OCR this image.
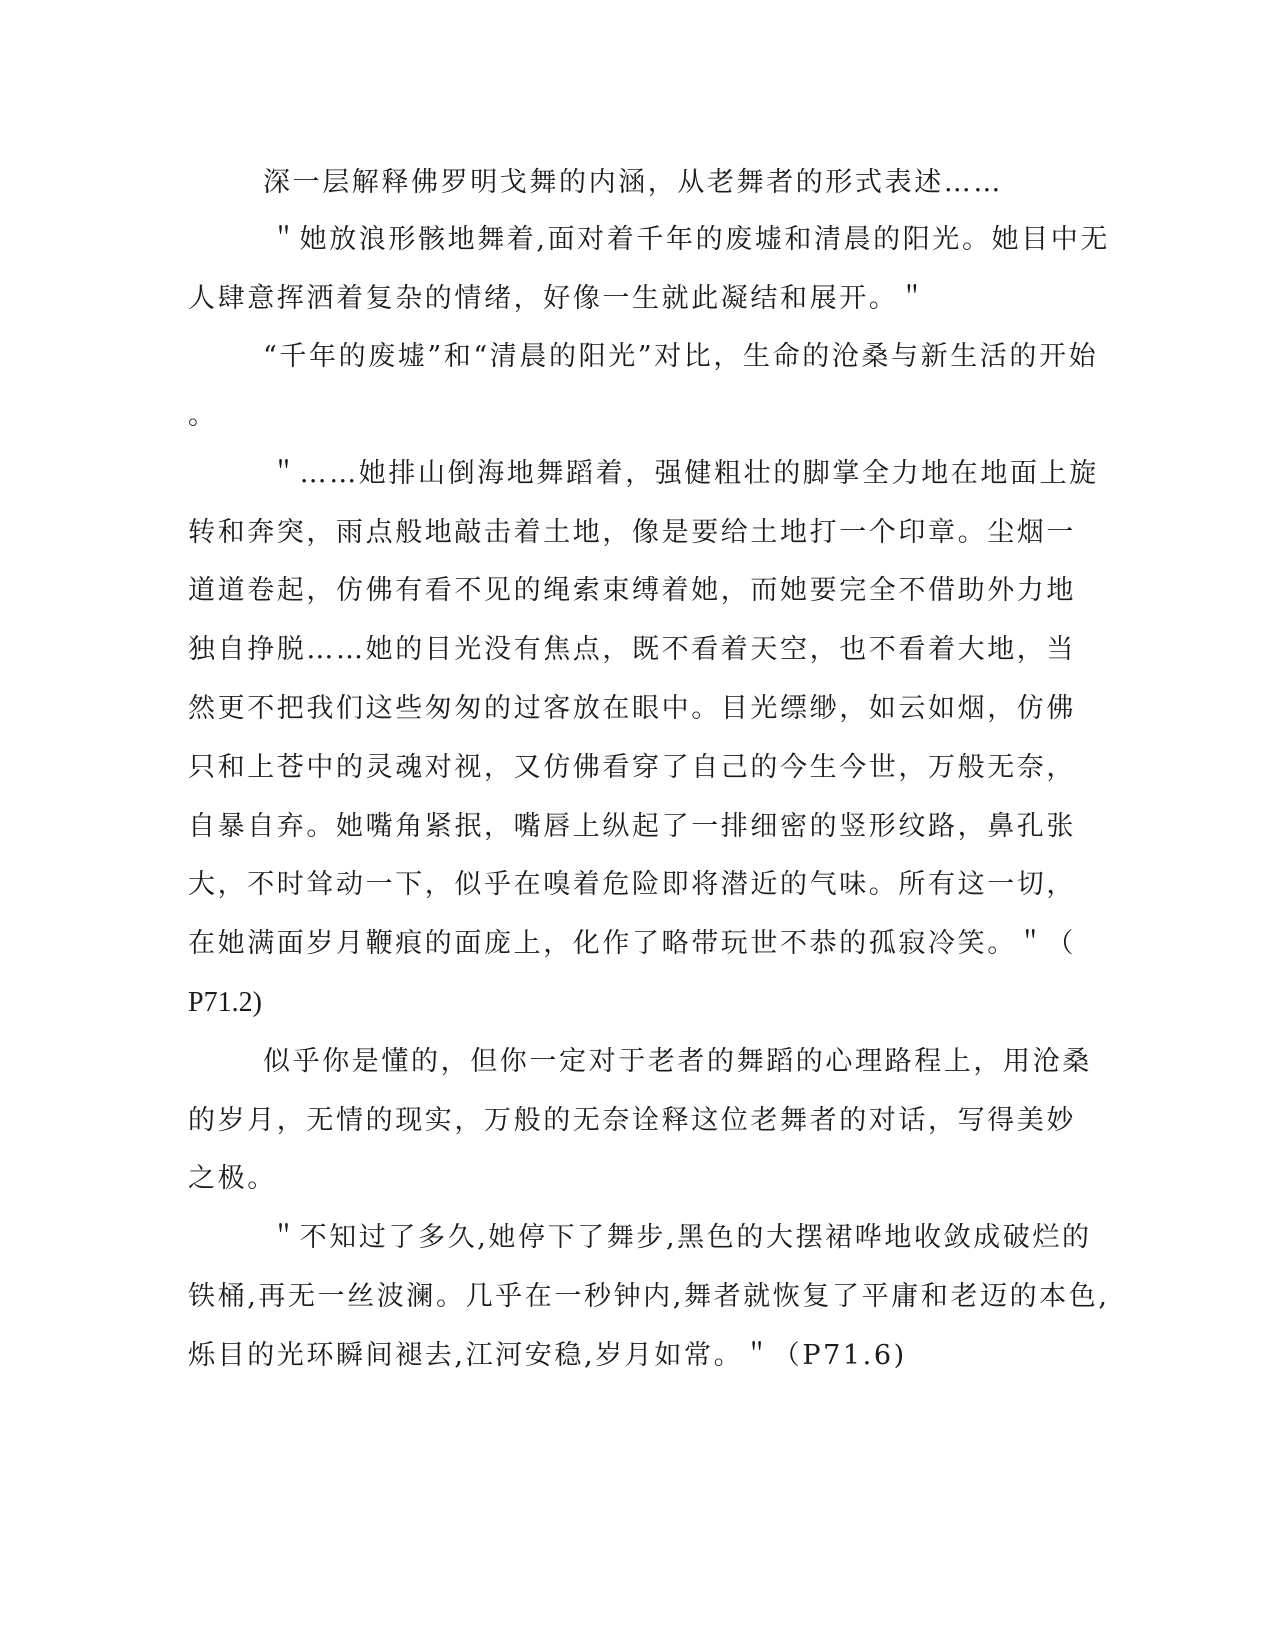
深一层解释佛罗明戈舞的内涵，从老舞者的形式表述……

＂她放浪形骸地舞着,面对着千年的废墟和清晨的阳光。她目中无

人肆意挥洒着复杂的情绪，好像一生就此凝结和展开。＂

“千年的废墟”和“清晨的阳光”对比，生命的沧桑与新生活的开始

。

＂……她排山倒海地舞蹈着，强健粗壮的脚掌全力地在地面上旋

转和奔突，雨点般地敲击着土地，像是要给土地打一个印章。尘烟一

道道卷起，仿佛有看不见的绳索束缚着她，而她要完全不借助外力地

独自挣脱……她的目光没有焦点，既不看着天空，也不看着大地，当

然更不把我们这些匆匆的过客放在眼中。目光缥缈，如云如烟，仿佛

只和上苍中的灵魂对视，又仿佛看穿了自己的今生今世，万般无奈，

自暴自弃。她嘴角紧抿，嘴唇上纵起了一排细密的竖形纹路，鼻孔张

大，不时耸动一下，似乎在嗅着危险即将潜近的气味。所有这一切，

在她满面岁月鞭痕的面庞上，化作了略带玩世不恭的孤寂冷笑。＂（

P71.2)

似乎你是懂的，但你一定对于老者的舞蹈的心理路程上，用沧桑

的岁月，无情的现实，万般的无奈诠释这位老舞者的对话，写得美妙

之极。

＂不知过了多久,她停下了舞步,黑色的大摆裙哗地收敛成破烂的

铁桶,再无一丝波澜。几乎在一秒钟内,舞者就恢复了平庸和老迈的本色,

烁目的光环瞬间褪去,江河安稳,岁月如常。＂（P71.6)
